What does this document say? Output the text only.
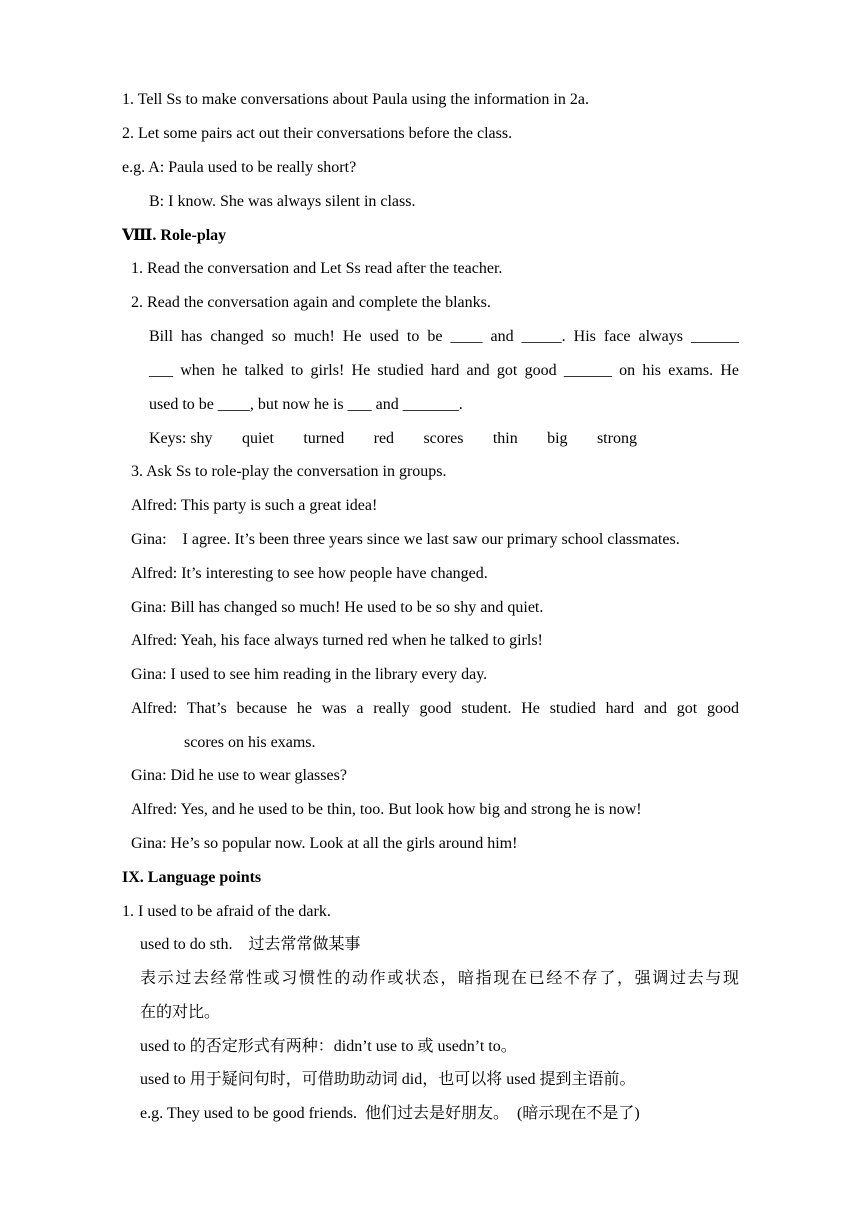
1. Tell Ss to make conversations about Paula using the information in 2a.
2. Let some pairs act out their conversations before the class.
e.g. A: Paula used to be really short?
B: I know. She was always silent in class.
Ⅷ. Role-play
1. Read the conversation and Let Ss read after the teacher.
2. Read the conversation again and complete the blanks.
Bill has changed so much! He used to be ____ and _____. His face always ______
___ when he talked to girls! He studied hard and got good ______ on his exams. He
used to be ____, but now he is ___ and _______.
Keys: shy quiet turned red scores thin big strong
3. Ask Ss to role-play the conversation in groups.
Alfred: This party is such a great idea!
Gina:    I agree. It’s been three years since we last saw our primary school classmates.
Alfred: It’s interesting to see how people have changed.
Gina: Bill has changed so much! He used to be so shy and quiet.
Alfred: Yeah, his face always turned red when he talked to girls!
Gina: I used to see him reading in the library every day.
Alfred: That’s because he was a really good student. He studied hard and got good
scores on his exams.
Gina: Did he use to wear glasses?
Alfred: Yes, and he used to be thin, too. But look how big and strong he is now!
Gina: He’s so popular now. Look at all the girls around him!
IX. Language points
1. I used to be afraid of the dark.
used to do sth.    过去常常做某事
表示过去经常性或习惯性的动作或状态，暗指现在已经不存了，强调过去与现
在的对比。
used to 的否定形式有两种：didn’t use to 或 usedn’t to。
used to 用于疑问句时，可借助助动词 did，也可以将 used 提到主语前。
e.g. They used to be good friends.  他们过去是好朋友。  (暗示现在不是了)
